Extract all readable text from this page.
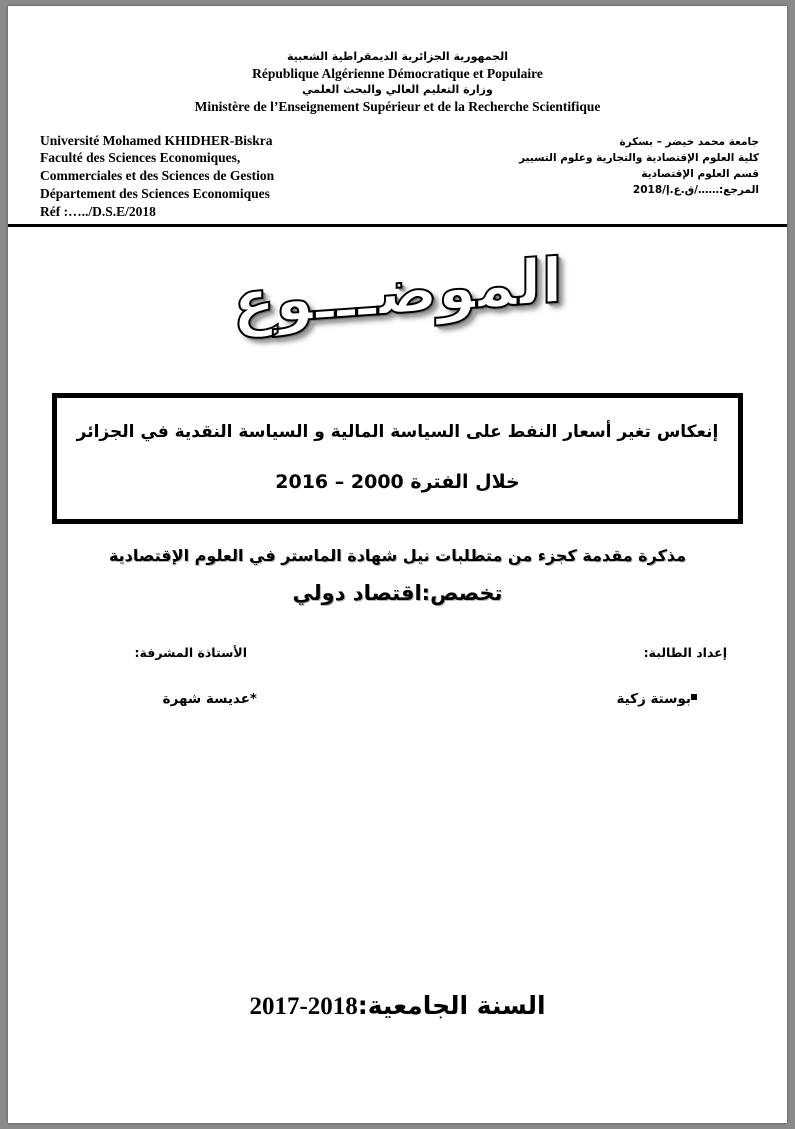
الجمهورية الجزائرية الديمقراطية الشعبية
République Algérienne Démocratique et Populaire
وزارة التعليم العالي والبحث العلمي
Ministère de l’Enseignement Supérieur et de la Recherche Scientifique
Université Mohamed KHIDHER-Biskra
Faculté des Sciences Economiques,
Commerciales et des Sciences de Gestion
Département des Sciences Economiques
Réf :…../D.S.E/2018
جامعة محمد خيضر – بسكرة
كلية العلوم الإقتصادية والتجارية وعلوم التسيير
قسم العلوم الإقتصادية
المرجع:……/ق.ع.إ/2018
الموضـــوع
إنعكاس تغير أسعار النفط على السياسة المالية و السياسة النقدية في الجزائر
خلال الفترة 2000 – 2016
مذكرة مقدمة كجزء من متطلبات نيل شهادة الماستر في العلوم الإقتصادية
تخصص:اقتصاد دولي
الأستاذة المشرفة:	إعداد الطالبة:
*عديسة شهرة	بوستة زكية
السنة الجامعية:2018-2017
